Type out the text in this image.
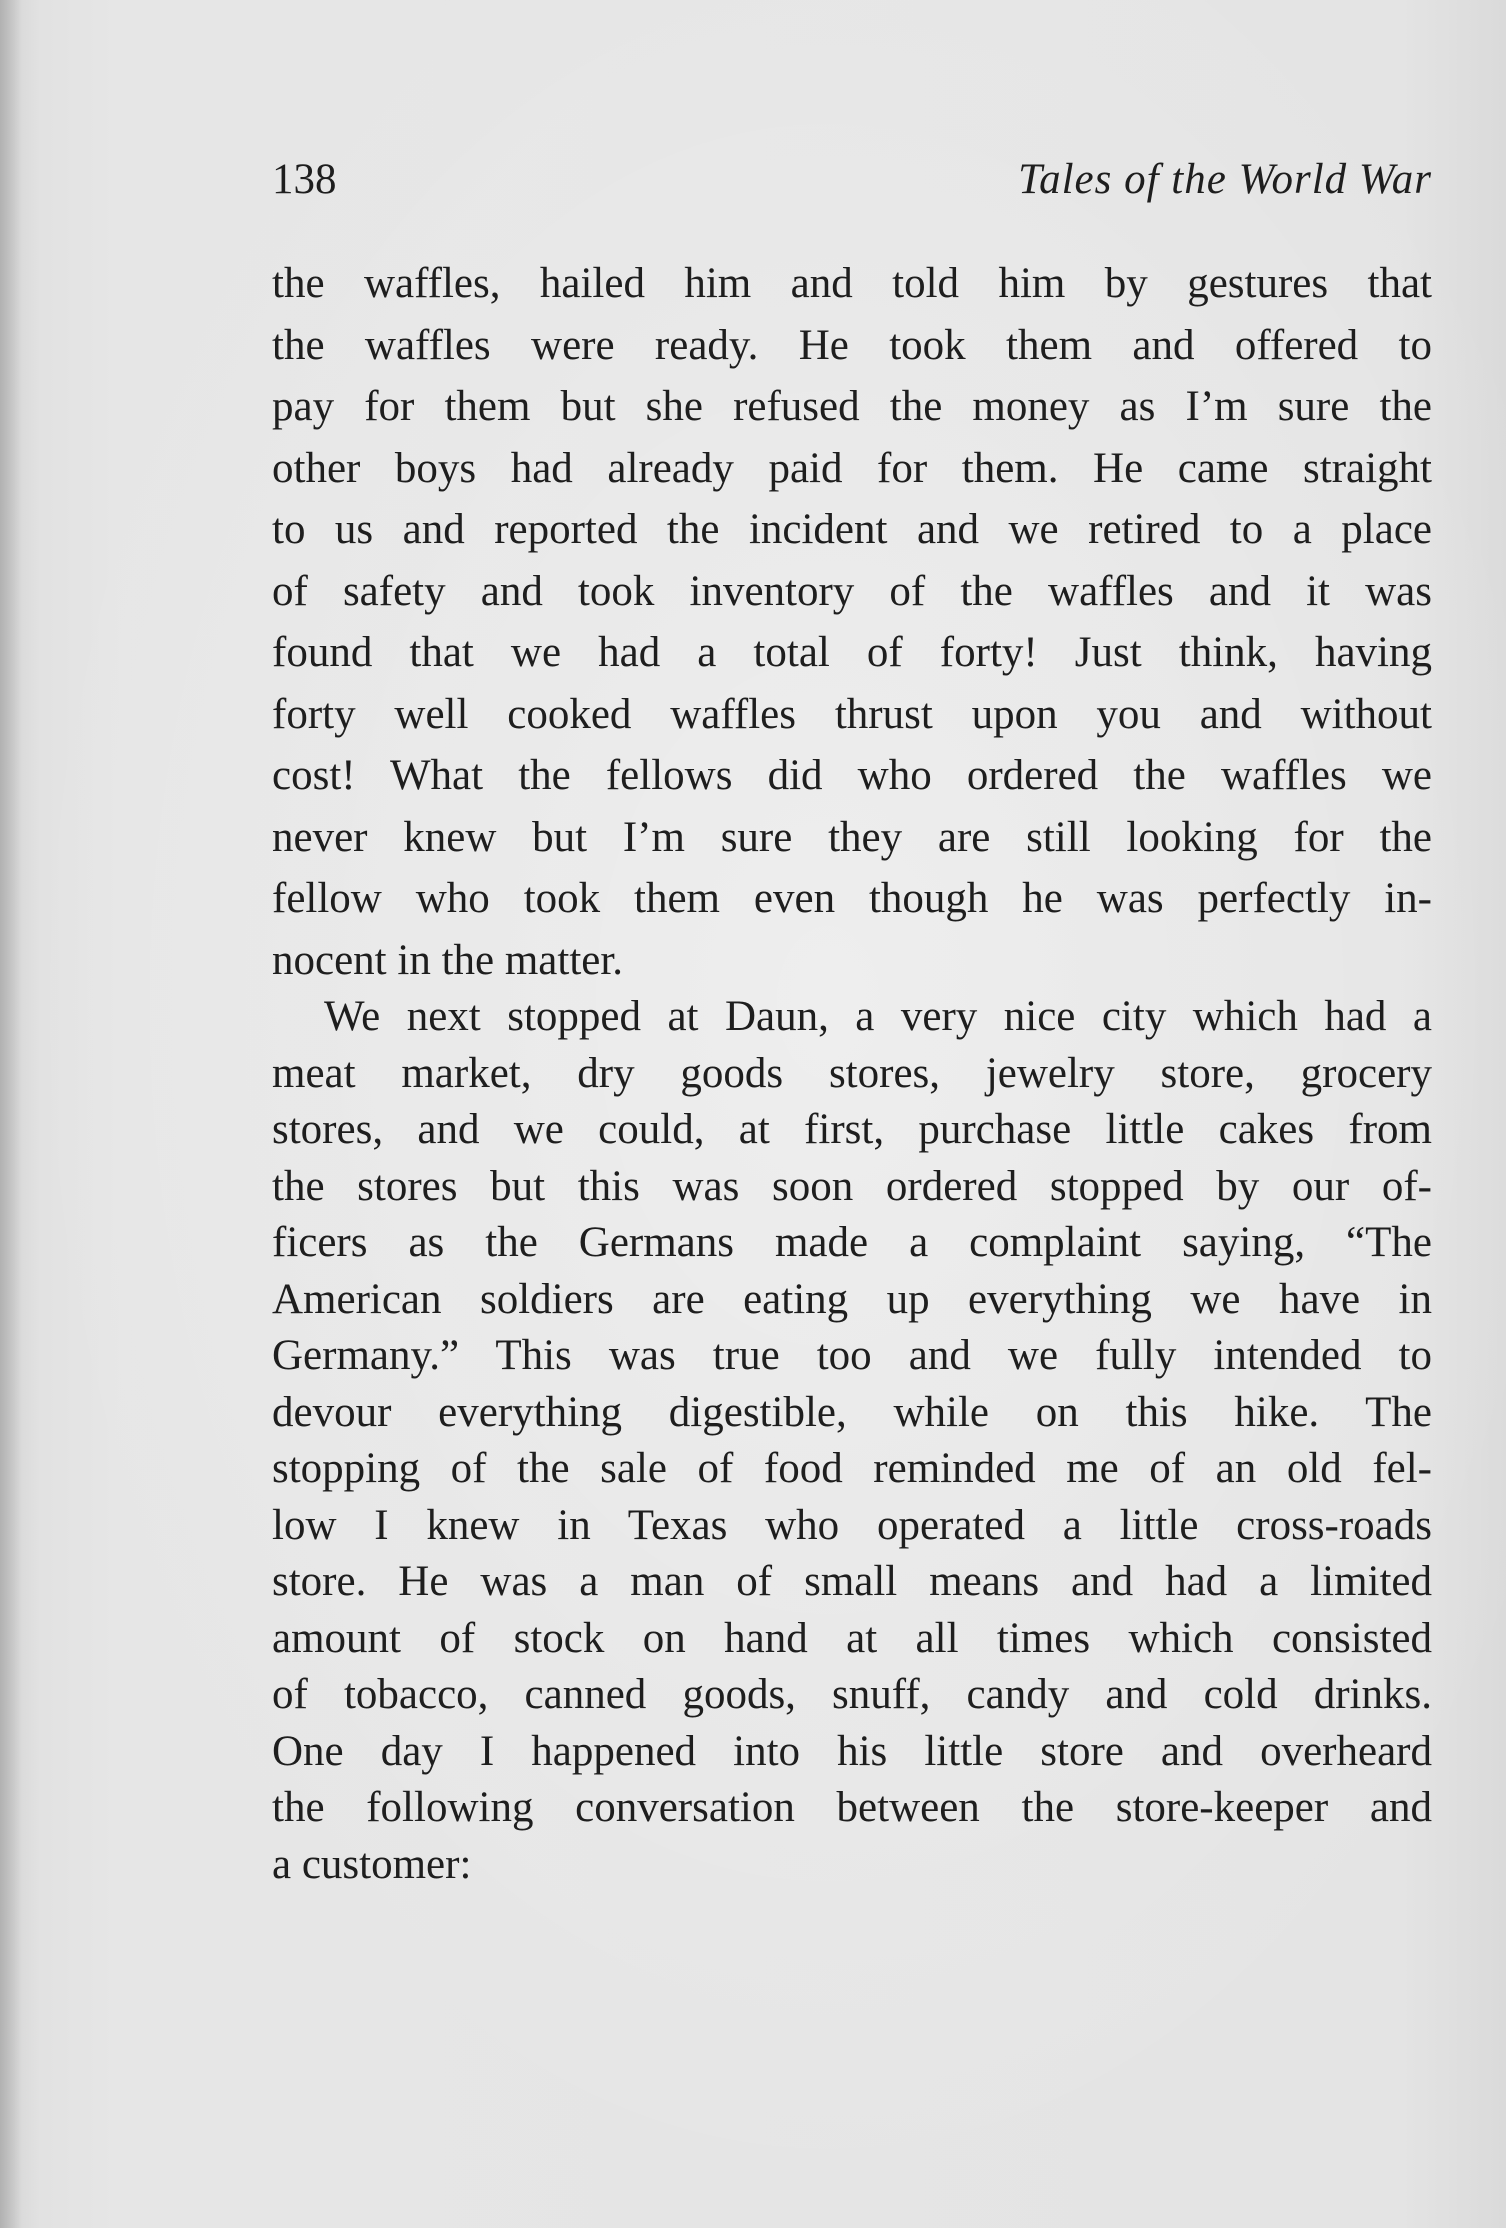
138	Tales of the World War
the waffles, hailed him and told him by gestures that
the waffles were ready. He took them and offered to
pay for them but she refused the money as I’m sure the
other boys had already paid for them. He came straight
to us and reported the incident and we retired to a place
of safety and took inventory of the waffles and it was
found that we had a total of forty! Just think, having
forty well cooked waffles thrust upon you and without
cost! What the fellows did who ordered the waffles we
never knew but I’m sure they are still looking for the
fellow who took them even though he was perfectly in-
nocent in the matter.
We next stopped at Daun, a very nice city which had a
meat market, dry goods stores, jewelry store, grocery
stores, and we could, at first, purchase little cakes from
the stores but this was soon ordered stopped by our of-
ficers as the Germans made a complaint saying, “The
American soldiers are eating up everything we have in
Germany.” This was true too and we fully intended to
devour everything digestible, while on this hike. The
stopping of the sale of food reminded me of an old fel-
low I knew in Texas who operated a little cross-roads
store. He was a man of small means and had a limited
amount of stock on hand at all times which consisted
of tobacco, canned goods, snuff, candy and cold drinks.
One day I happened into his little store and overheard
the following conversation between the store-keeper and
a customer:
